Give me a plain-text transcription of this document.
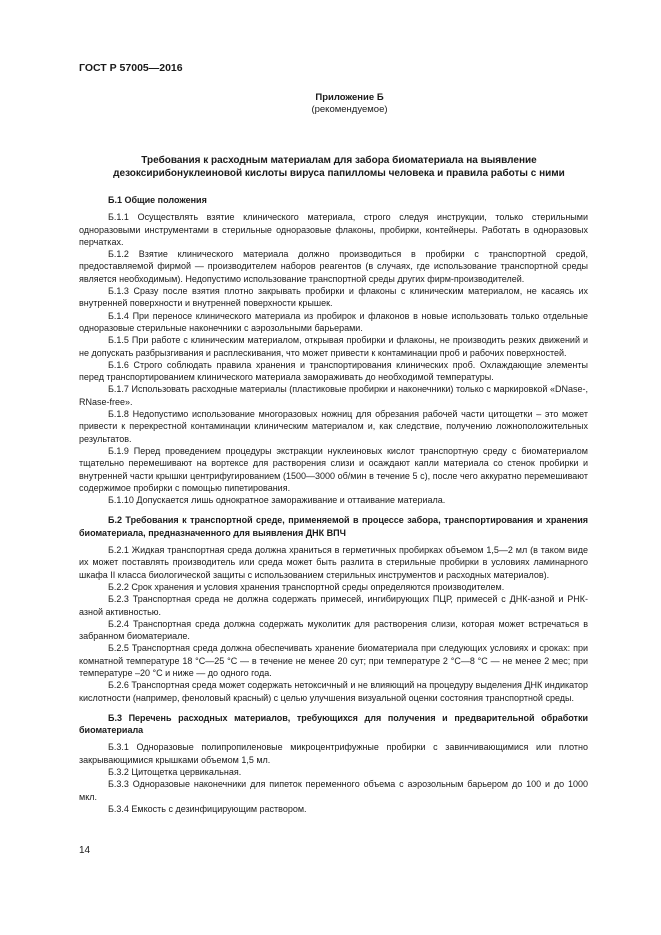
ГОСТ Р 57005—2016
Приложение Б
(рекомендуемое)
Требования к расходным материалам для забора биоматериала на выявление
дезоксирибонуклеиновой кислоты вируса папилломы человека и правила работы с ними
Б.1 Общие положения

Б.1.1 Осуществлять взятие клинического материала, строго следуя инструкции, только стерильными одноразовыми инструментами в стерильные одноразовые флаконы, пробирки, контейнеры. Работать в одноразовых перчатках.

Б.1.2 Взятие клинического материала должно производиться в пробирки с транспортной средой, предоставляемой фирмой — производителем наборов реагентов (в случаях, где использование транспортной среды является необходимым). Недопустимо использование транспортной среды других фирм-производителей.

Б.1.3 Сразу после взятия плотно закрывать пробирки и флаконы с клиническим материалом, не касаясь их внутренней поверхности и внутренней поверхности крышек.

Б.1.4 При переносе клинического материала из пробирок и флаконов в новые использовать только отдельные одноразовые стерильные наконечники с аэрозольными барьерами.

Б.1.5 При работе с клиническим материалом, открывая пробирки и флаконы, не производить резких движений и не допускать разбрызгивания и расплескивания, что может привести к контаминации проб и рабочих поверхностей.

Б.1.6 Строго соблюдать правила хранения и транспортирования клинических проб. Охлаждающие элементы перед транспортированием клинического материала замораживать до необходимой температуры.

Б.1.7 Использовать расходные материалы (пластиковые пробирки и наконечники) только с маркировкой «DNase-, RNase-free».

Б.1.8 Недопустимо использование многоразовых ножниц для обрезания рабочей части цитощетки – это может привести к перекрестной контаминации клиническим материалом и, как следствие, получению ложноположительных результатов.

Б.1.9 Перед проведением процедуры экстракции нуклеиновых кислот транспортную среду с биоматериалом тщательно перемешивают на вортексе для растворения слизи и осаждают капли материала со стенок пробирки и внутренней части крышки центрифугированием (1500—3000 об/мин в течение 5 с), после чего аккуратно перемешивают содержимое пробирки с помощью пипетирования.

Б.1.10 Допускается лишь однократное замораживание и оттаивание материала.

Б.2 Требования к транспортной среде, применяемой в процессе забора, транспортирования и хранения биоматериала, предназначенного для выявления ДНК ВПЧ

Б.2.1 Жидкая транспортная среда должна храниться в герметичных пробирках объемом 1,5—2 мл (в таком виде их может поставлять производитель или среда может быть разлита в стерильные пробирки в условиях ламинарного шкафа II класса биологической защиты с использованием стерильных инструментов и расходных материалов).

Б.2.2 Срок хранения и условия хранения транспортной среды определяются производителем.

Б.2.3 Транспортная среда не должна содержать примесей, ингибирующих ПЦР, примесей с ДНК-азной и РНК-азной активностью.

Б.2.4 Транспортная среда должна содержать муколитик для растворения слизи, которая может встречаться в забранном биоматериале.

Б.2.5 Транспортная среда должна обеспечивать хранение биоматериала при следующих условиях и сроках: при комнатной температуре 18 °С—25 °С — в течение не менее 20 сут; при температуре 2 °С—8 °С — не менее 2 мес; при температуре –20 °С и ниже — до одного года.

Б.2.6 Транспортная среда может содержать нетоксичный и не влияющий на процедуру выделения ДНК индикатор кислотности (например, феноловый красный) с целью улучшения визуальной оценки состояния транспортной среды.

Б.3 Перечень расходных материалов, требующихся для получения и предварительной обработки биоматериала

Б.3.1 Одноразовые полипропиленовые микроцентрифужные пробирки с завинчивающимися или плотно закрывающимися крышками объемом 1,5 мл.

Б.3.2 Цитощетка цервикальная.

Б.3.3 Одноразовые наконечники для пипеток переменного объема с аэрозольным барьером до 100 и до 1000 мкл.

Б.3.4 Емкость с дезинфицирующим раствором.

14
